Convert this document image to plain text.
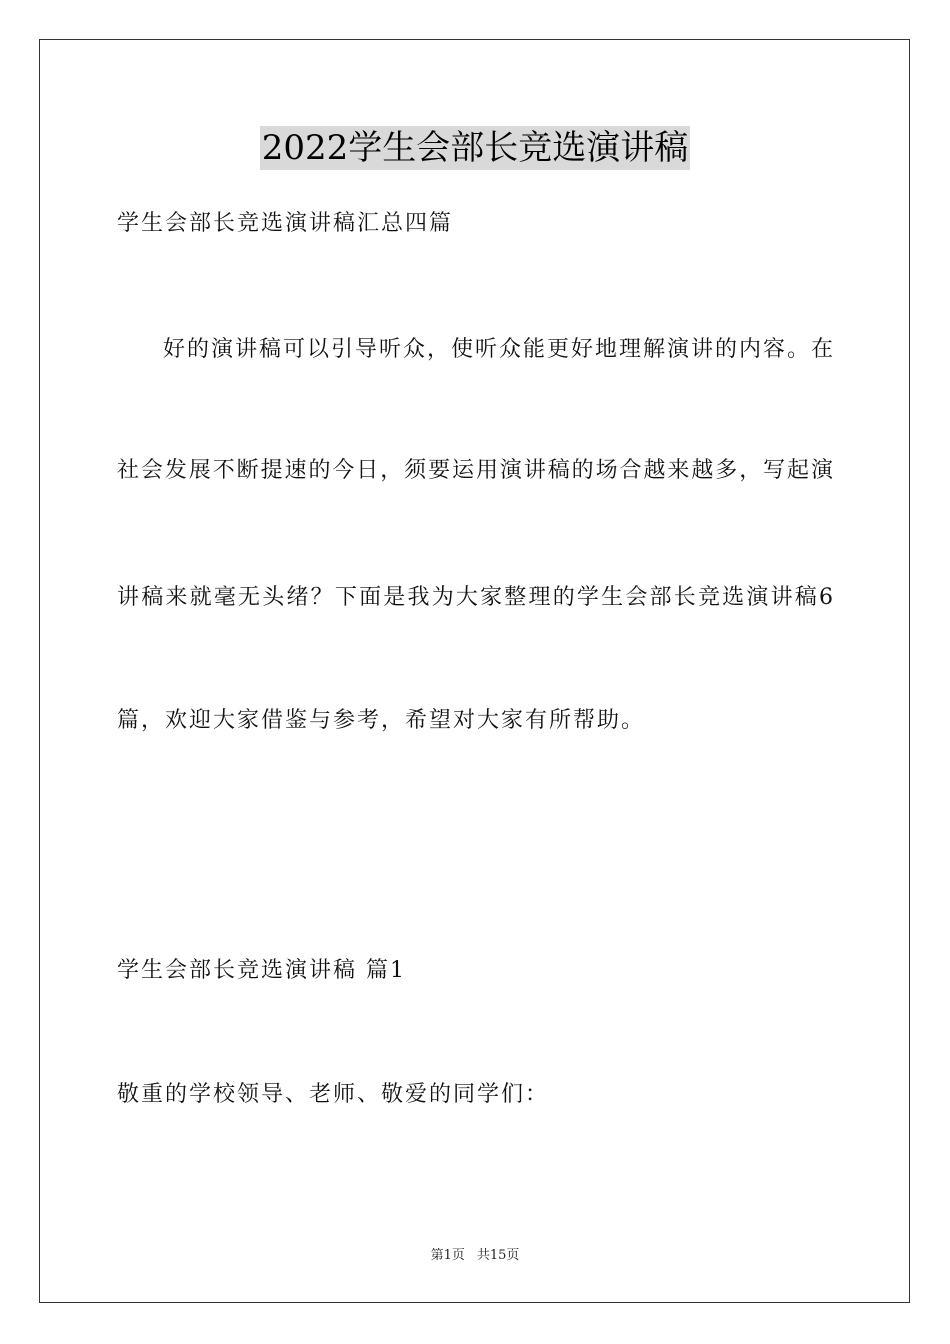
2022学生会部长竞选演讲稿
学生会部长竞选演讲稿汇总四篇
好的演讲稿可以引导听众，使听众能更好地理解演讲的内容。在
社会发展不断提速的今日，须要运用演讲稿的场合越来越多，写起演
讲稿来就毫无头绪？下面是我为大家整理的学生会部长竞选演讲稿6
篇，欢迎大家借鉴与参考，希望对大家有所帮助。
学生会部长竞选演讲稿 篇1
敬重的学校领导、老师、敬爱的同学们：
第1页 共15页
